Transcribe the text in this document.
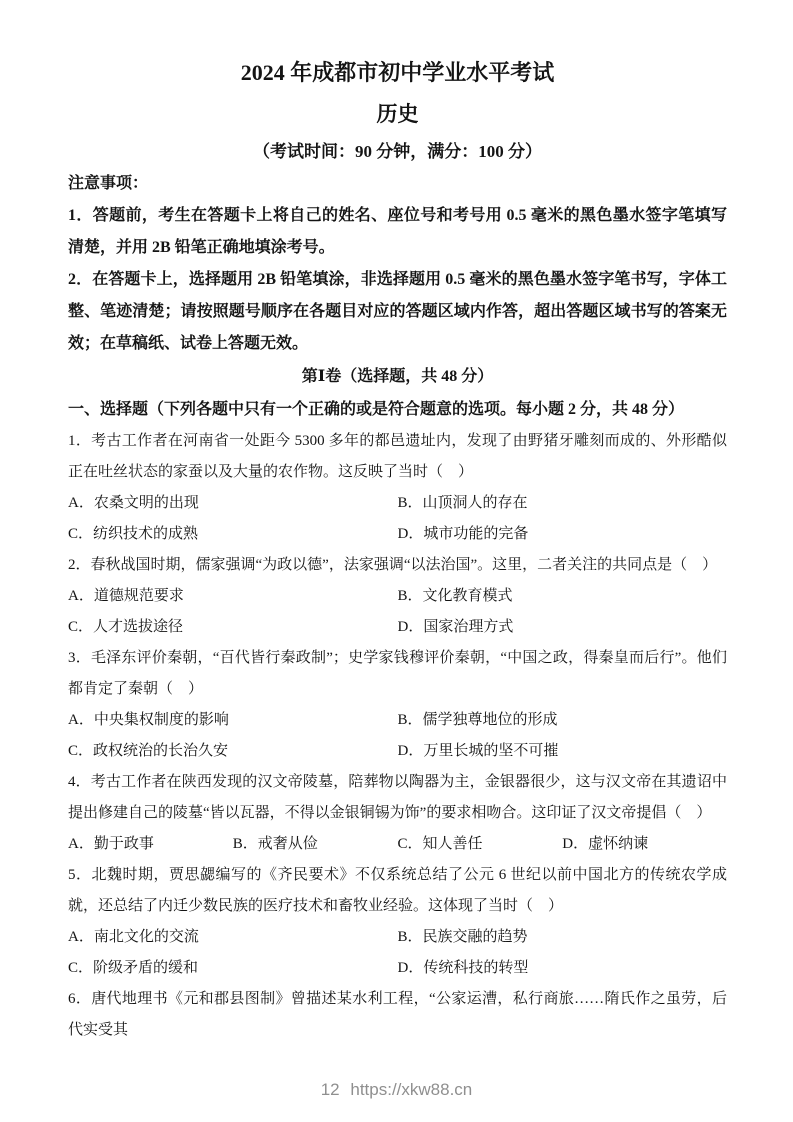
2024 年成都市初中学业水平考试
历史

（考试时间：90 分钟，满分：100 分）

注意事项：

1．答题前，考生在答题卡上将自己的姓名、座位号和考号用 0.5 毫米的黑色墨水签字笔填写清楚，并用 2B 铅笔正确地填涂考号。

2．在答题卡上，选择题用 2B 铅笔填涂，非选择题用 0.5 毫米的黑色墨水签字笔书写，字体工整、笔迹清楚；请按照题号顺序在各题目对应的答题区域内作答，超出答题区域书写的答案无效；在草稿纸、试卷上答题无效。

第Ⅰ卷（选择题，共 48 分）

一、选择题（下列各题中只有一个正确的或是符合题意的选项。每小题 2 分，共 48 分）

1．考古工作者在河南省一处距今 5300 多年的都邑遗址内，发现了由野猪牙雕刻而成的、外形酷似正在吐丝状态的家蚕以及大量的农作物。这反映了当时（　）

A．农桑文明的出现	B．山顶洞人的存在
C．纺织技术的成熟	D．城市功能的完备

2．春秋战国时期，儒家强调“为政以德”，法家强调“以法治国”。这里，二者关注的共同点是（　）

A．道德规范要求	B．文化教育模式
C．人才选拔途径	D．国家治理方式

3．毛泽东评价秦朝，“百代皆行秦政制”；史学家钱穆评价秦朝，“中国之政，得秦皇而后行”。他们都肯定了秦朝（　）

A．中央集权制度的影响	B．儒学独尊地位的形成
C．政权统治的长治久安	D．万里长城的坚不可摧

4．考古工作者在陕西发现的汉文帝陵墓，陪葬物以陶器为主，金银器很少，这与汉文帝在其遗诏中提出修建自己的陵墓“皆以瓦器，不得以金银铜锡为饰”的要求相吻合。这印证了汉文帝提倡（　）

A．勤于政事	B．戒奢从俭	C．知人善任	D．虚怀纳谏

5．北魏时期，贾思勰编写的《齐民要术》不仅系统总结了公元 6 世纪以前中国北方的传统农学成就，还总结了内迁少数民族的医疗技术和畜牧业经验。这体现了当时（　）

A．南北文化的交流	B．民族交融的趋势
C．阶级矛盾的缓和	D．传统科技的转型

6．唐代地理书《元和郡县图制》曾描述某水利工程，“公家运漕，私行商旅……隋氏作之虽劳，后代实受其

12 https://xkw88.cn
